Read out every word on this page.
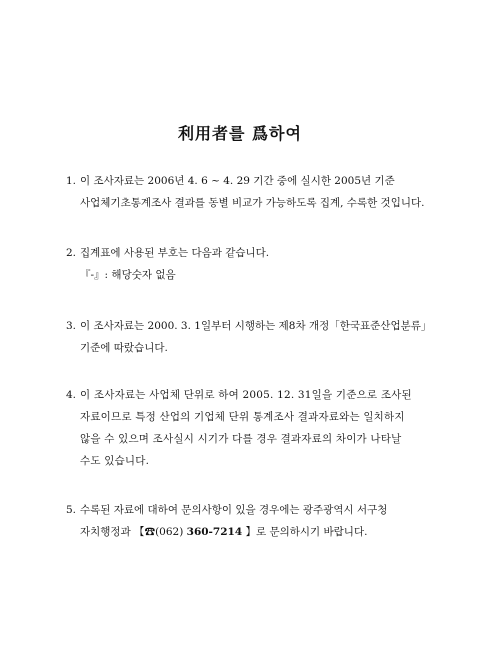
利用者를 爲하여
1. 이 조사자료는 2006년 4. 6 ~ 4. 29 기간 중에 실시한 2005년 기준
사업체기초통계조사 결과를 동별 비교가 가능하도록 집계, 수록한 것입니다.
2. 집계표에 사용된 부호는 다음과 같습니다.
『-』: 해당숫자 없음
3. 이 조사자료는 2000. 3. 1일부터 시행하는 제8차 개정「한국표준산업분류」
기준에 따랐습니다.
4. 이 조사자료는 사업체 단위로 하여 2005. 12. 31일을 기준으로 조사된
자료이므로 특정 산업의 기업체 단위 통계조사 결과자료와는 일치하지
않을 수 있으며 조사실시 시기가 다를 경우 결과자료의 차이가 나타날
수도 있습니다.
5. 수록된 자료에 대하여 문의사항이 있을 경우에는 광주광역시 서구청
자치행정과 【☎(062) 360-7214 】로 문의하시기 바랍니다.
